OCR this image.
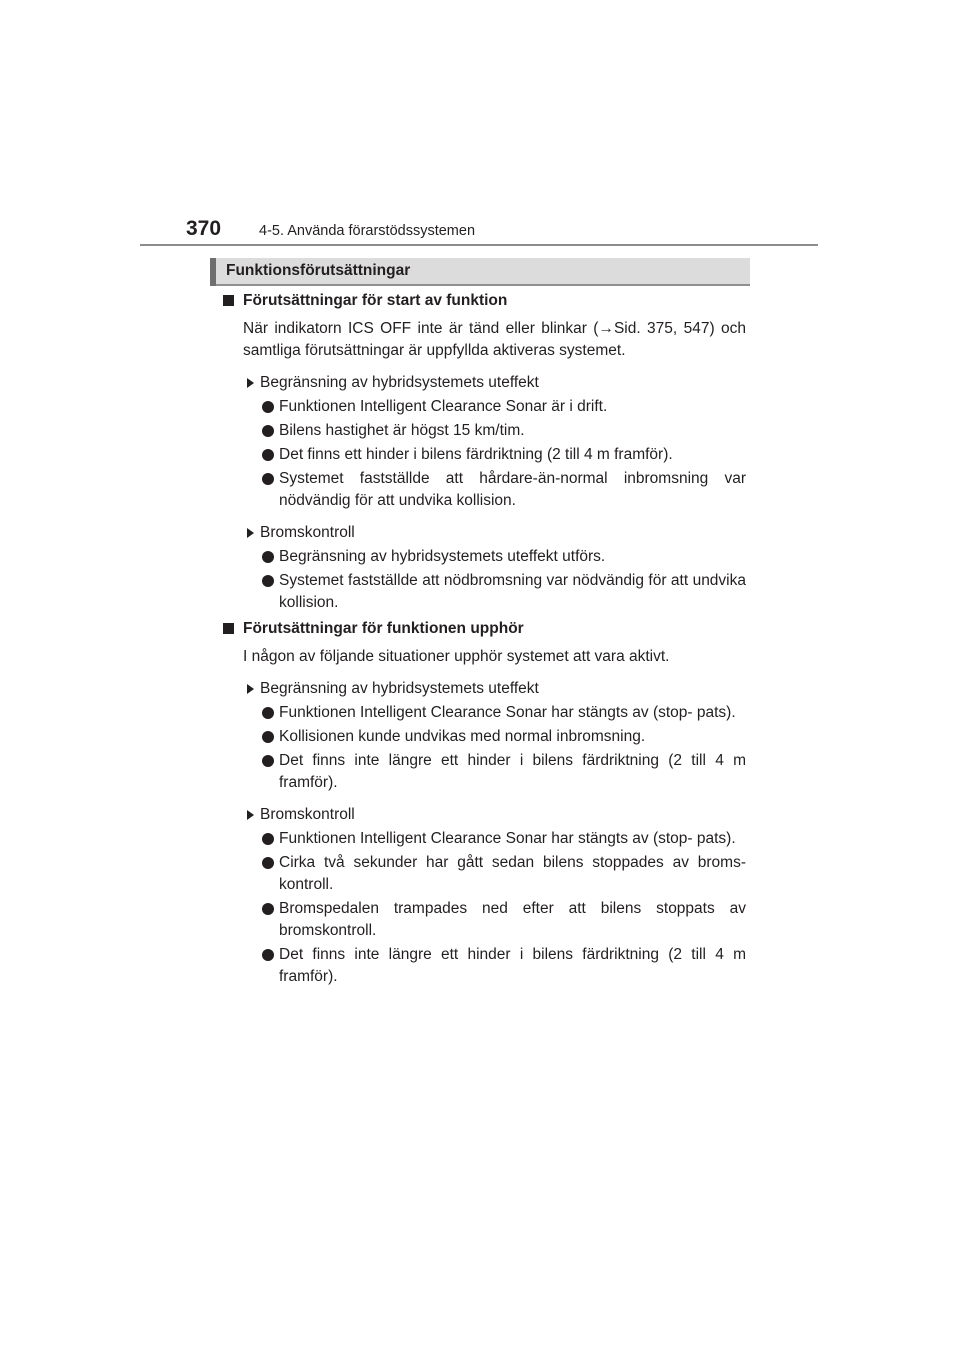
370	4-5. Använda förarstödssystemen
Funktionsförutsättningar
Förutsättningar för start av funktion
När indikatorn ICS OFF inte är tänd eller blinkar (→Sid. 375, 547) och samtliga förutsättningar är uppfyllda aktiveras systemet.
Begränsning av hybridsystemets uteffekt
Funktionen Intelligent Clearance Sonar är i drift.
Bilens hastighet är högst 15 km/tim.
Det finns ett hinder i bilens färdriktning (2 till 4 m framför).
Systemet fastställde att hårdare-än-normal inbromsning var nödvändig för att undvika kollision.
Bromskontroll
Begränsning av hybridsystemets uteffekt utförs.
Systemet fastställde att nödbromsning var nödvändig för att undvika kollision.
Förutsättningar för funktionen upphör
I någon av följande situationer upphör systemet att vara aktivt.
Begränsning av hybridsystemets uteffekt
Funktionen Intelligent Clearance Sonar har stängts av (stop- pats).
Kollisionen kunde undvikas med normal inbromsning.
Det finns inte längre ett hinder i bilens färdriktning (2 till 4 m framför).
Bromskontroll
Funktionen Intelligent Clearance Sonar har stängts av (stop- pats).
Cirka två sekunder har gått sedan bilens stoppades av broms- kontroll.
Bromspedalen trampades ned efter att bilens stoppats av bromskontroll.
Det finns inte längre ett hinder i bilens färdriktning (2 till 4 m framför).
